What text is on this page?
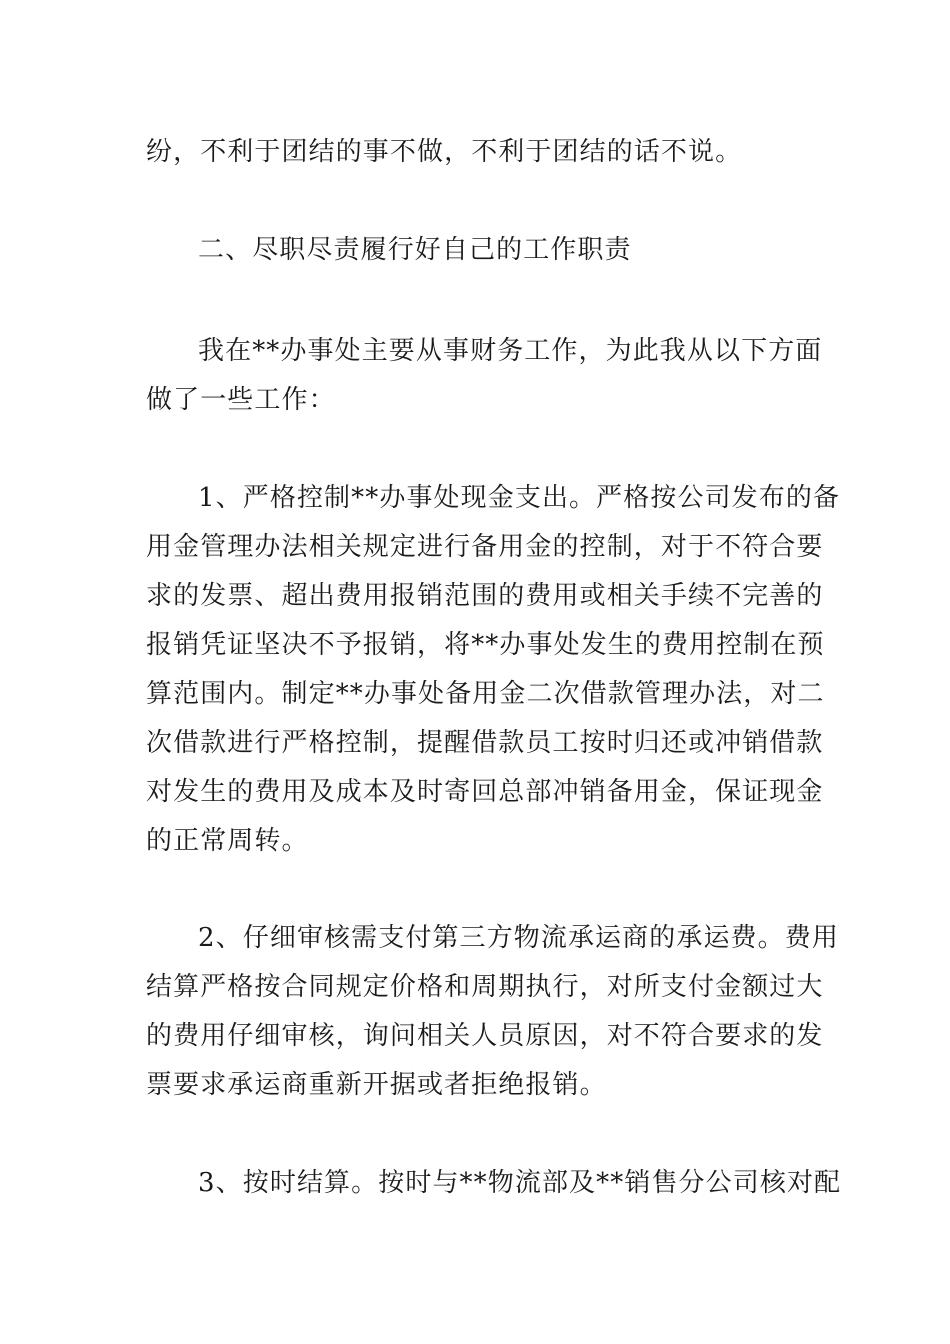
纷，不利于团结的事不做，不利于团结的话不说。
二、尽职尽责履行好自己的工作职责
我在**办事处主要从事财务工作，为此我从以下方面
做了一些工作：
1、严格控制**办事处现金支出。严格按公司发布的备
用金管理办法相关规定进行备用金的控制，对于不符合要
求的发票、超出费用报销范围的费用或相关手续不完善的
报销凭证坚决不予报销，将**办事处发生的费用控制在预
算范围内。制定**办事处备用金二次借款管理办法，对二
次借款进行严格控制，提醒借款员工按时归还或冲销借款
对发生的费用及成本及时寄回总部冲销备用金，保证现金
的正常周转。
2、仔细审核需支付第三方物流承运商的承运费。费用
结算严格按合同规定价格和周期执行，对所支付金额过大
的费用仔细审核，询问相关人员原因，对不符合要求的发
票要求承运商重新开据或者拒绝报销。
3、按时结算。按时与**物流部及**销售分公司核对配
